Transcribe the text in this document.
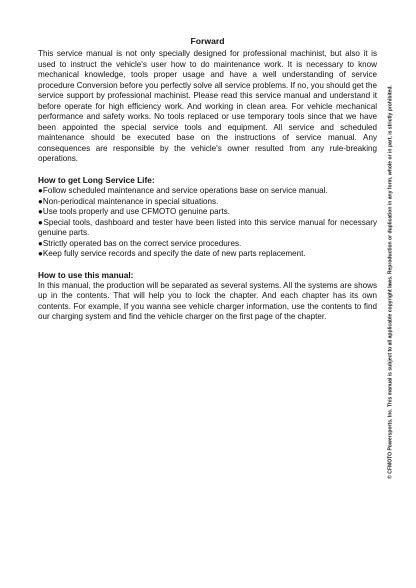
Forward

This service manual is not only specially designed for professional machinist, but also it is used to instruct the vehicle's user how to do maintenance work. It is necessary to know mechanical knowledge, tools proper usage and have a well understanding of service procedure Conversion before you perfectly solve all service problems. If no, you should get the service support by professional machinist. Please read this service manual and understand it before operate for high efficiency work. And working in clean area. For vehicle mechanical performance and safety works. No tools replaced or use temporary tools since that we have been appointed the special service tools and equipment. All service and scheduled maintenance should be executed base on the instructions of service manual. Any consequences are responsible by the vehicle's owner resulted from any rule-breaking operations.

How to get Long Service Life:
●Follow scheduled maintenance and service operations base on service manual.
●Non-periodical maintenance in special situations.
●Use tools properly and use CFMOTO genuine parts.
●Special tools, dashboard and tester have been listed into this service manual for necessary genuine parts.
●Strictly operated bas on the correct service procedures.
●Keep fully service records and specify the date of new parts replacement.
How to use this manual:

In this manual, the production will be separated as several systems. All the systems are shows up in the contents. That will help you to lock the chapter. And each chapter has its own contents. For example, If you wanna see vehicle charger information, use the contents to find our charging system and find the vehicle charger on the first page of the chapter.	© CFMOTO Powersports, Inc. This manual is subject to all applicable copyright laws. Reproduction or duplication in any form, whole or in part, is strictly prohibited.
